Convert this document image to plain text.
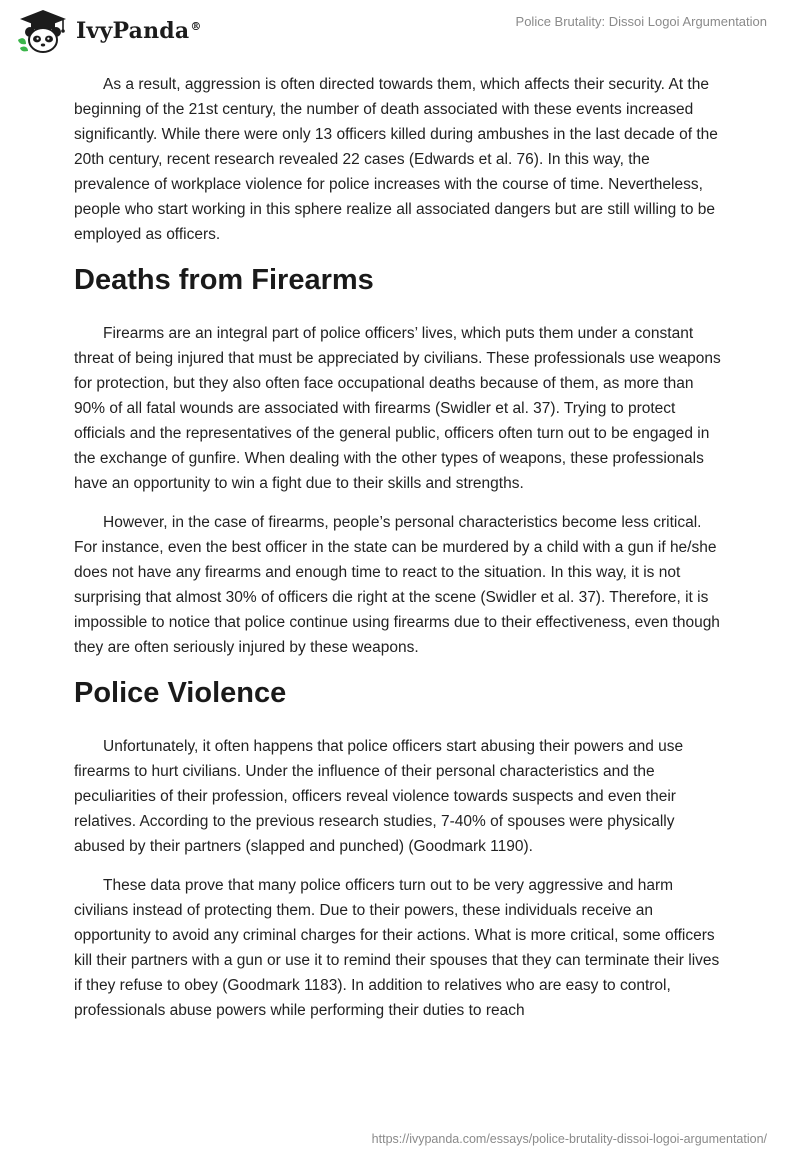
IvyPanda®	Police Brutality: Dissoi Logoi Argumentation

As a result, aggression is often directed towards them, which affects their security. At the beginning of the 21st century, the number of death associated with these events increased significantly. While there were only 13 officers killed during ambushes in the last decade of the 20th century, recent research revealed 22 cases (Edwards et al. 76). In this way, the prevalence of workplace violence for police increases with the course of time. Nevertheless, people who start working in this sphere realize all associated dangers but are still willing to be employed as officers.

Deaths from Firearms

Firearms are an integral part of police officers’ lives, which puts them under a constant threat of being injured that must be appreciated by civilians. These professionals use weapons for protection, but they also often face occupational deaths because of them, as more than 90% of all fatal wounds are associated with firearms (Swidler et al. 37). Trying to protect officials and the representatives of the general public, officers often turn out to be engaged in the exchange of gunfire. When dealing with the other types of weapons, these professionals have an opportunity to win a fight due to their skills and strengths.

However, in the case of firearms, people’s personal characteristics become less critical. For instance, even the best officer in the state can be murdered by a child with a gun if he/she does not have any firearms and enough time to react to the situation. In this way, it is not surprising that almost 30% of officers die right at the scene (Swidler et al. 37). Therefore, it is impossible to notice that police continue using firearms due to their effectiveness, even though they are often seriously injured by these weapons.

Police Violence

Unfortunately, it often happens that police officers start abusing their powers and use firearms to hurt civilians. Under the influence of their personal characteristics and the peculiarities of their profession, officers reveal violence towards suspects and even their relatives. According to the previous research studies, 7-40% of spouses were physically abused by their partners (slapped and punched) (Goodmark 1190).

These data prove that many police officers turn out to be very aggressive and harm civilians instead of protecting them. Due to their powers, these individuals receive an opportunity to avoid any criminal charges for their actions. What is more critical, some officers kill their partners with a gun or use it to remind their spouses that they can terminate their lives if they refuse to obey (Goodmark 1183). In addition to relatives who are easy to control, professionals abuse powers while performing their duties to reach

https://ivypanda.com/essays/police-brutality-dissoi-logoi-argumentation/
